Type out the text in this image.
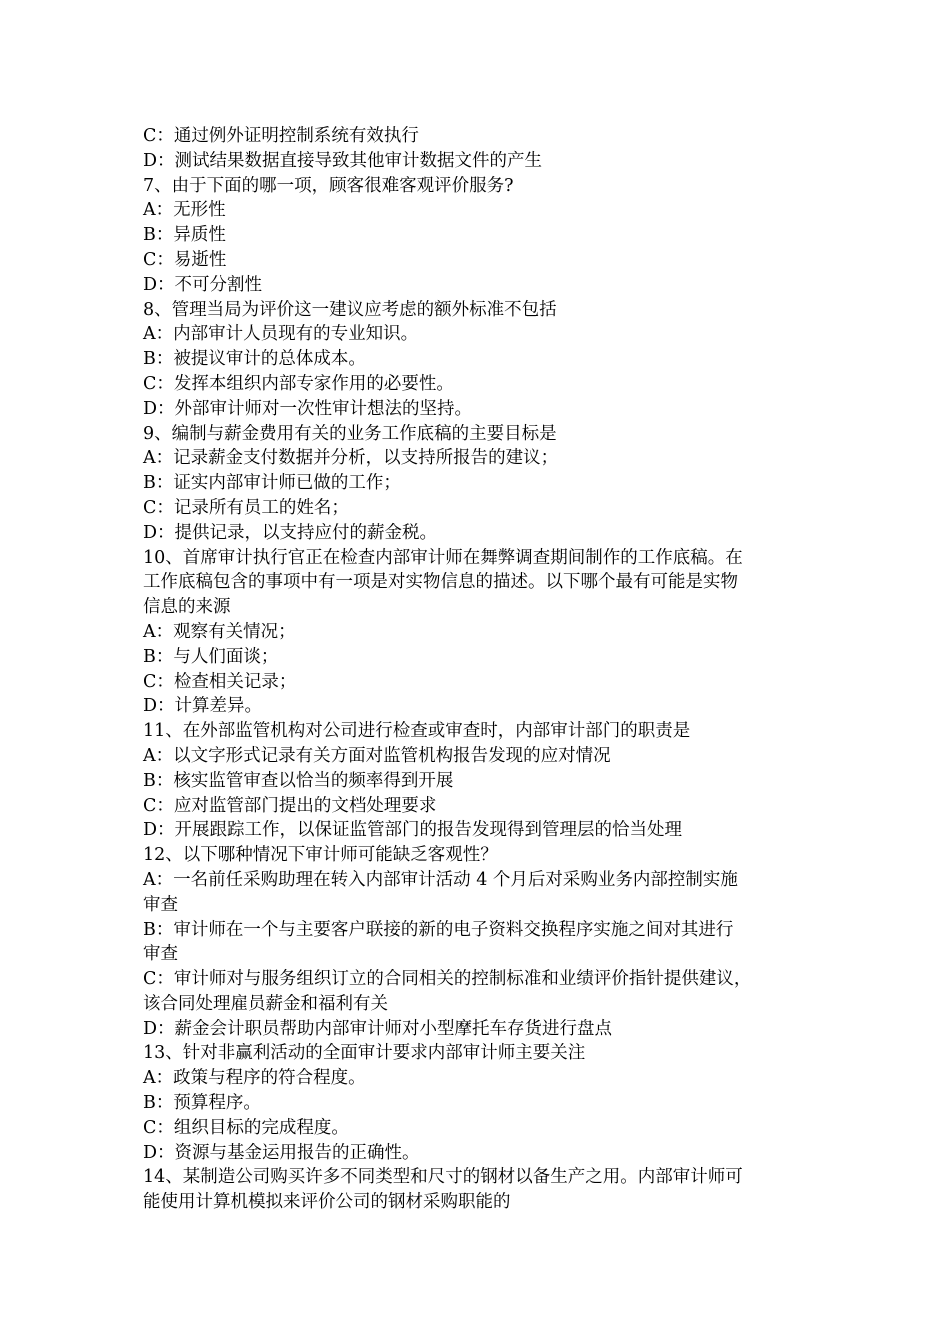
C：通过例外证明控制系统有效执行

D：测试结果数据直接导致其他审计数据文件的产生

7、由于下面的哪一项，顾客很难客观评价服务?

A：无形性

B：异质性

C：易逝性

D：不可分割性

8、管理当局为评价这一建议应考虑的额外标准不包括

A：内部审计人员现有的专业知识。

B：被提议审计的总体成本。

C：发挥本组织内部专家作用的必要性。

D：外部审计师对一次性审计想法的坚持。

9、编制与薪金费用有关的业务工作底稿的主要目标是

A：记录薪金支付数据并分析，以支持所报告的建议；

B：证实内部审计师已做的工作；

C：记录所有员工的姓名；

D：提供记录，以支持应付的薪金税。

10、首席审计执行官正在检查内部审计师在舞弊调查期间制作的工作底稿。在

工作底稿包含的事项中有一项是对实物信息的描述。以下哪个最有可能是实物

信息的来源

A：观察有关情况；

B：与人们面谈；

C：检查相关记录；

D：计算差异。

11、在外部监管机构对公司进行检查或审查时，内部审计部门的职责是

A：以文字形式记录有关方面对监管机构报告发现的应对情况

B：核实监管审查以恰当的频率得到开展

C：应对监管部门提出的文档处理要求

D：开展跟踪工作，以保证监管部门的报告发现得到管理层的恰当处理

12、以下哪种情况下审计师可能缺乏客观性？

A：一名前任采购助理在转入内部审计活动 4 个月后对采购业务内部控制实施

审查

B：审计师在一个与主要客户联接的新的电子资料交换程序实施之间对其进行

审查

C：审计师对与服务组织订立的合同相关的控制标准和业绩评价指针提供建议，

该合同处理雇员薪金和福利有关

D：薪金会计职员帮助内部审计师对小型摩托车存货进行盘点

13、针对非赢利活动的全面审计要求内部审计师主要关注

A：政策与程序的符合程度。

B：预算程序。

C：组织目标的完成程度。

D：资源与基金运用报告的正确性。

14、某制造公司购买许多不同类型和尺寸的钢材以备生产之用。内部审计师可

能使用计算机模拟来评价公司的钢材采购职能的
